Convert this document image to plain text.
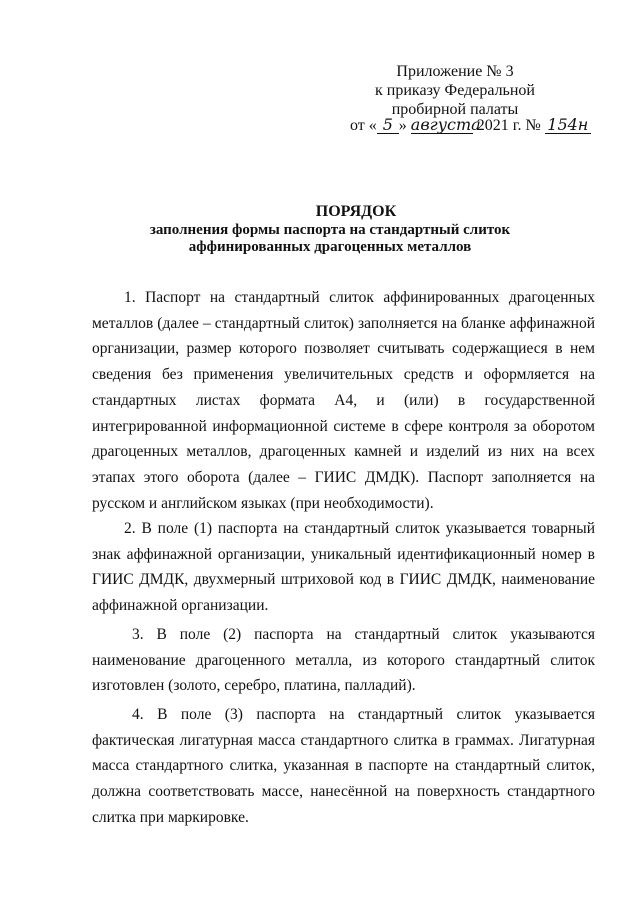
Приложение № 3
к приказу Федеральной
пробирной палаты
от « 5 » августа 2021 г. № 154н
ПОРЯДОК
заполнения формы паспорта на стандартный слиток
аффинированных драгоценных металлов
1. Паспорт на стандартный слиток аффинированных драгоценных металлов (далее – стандартный слиток) заполняется на бланке аффинажной организации, размер которого позволяет считывать содержащиеся в нем сведения без применения увеличительных средств и оформляется на стандартных листах формата А4, и (или) в государственной интегрированной информационной системе в сфере контроля за оборотом драгоценных металлов, драгоценных камней и изделий из них на всех этапах этого оборота (далее – ГИИС ДМДК). Паспорт заполняется на русском и английском языках (при необходимости).
2. В поле (1) паспорта на стандартный слиток указывается товарный знак аффинажной организации, уникальный идентификационный номер в ГИИС ДМДК, двухмерный штриховой код в ГИИС ДМДК, наименование аффинажной организации.
3. В поле (2) паспорта на стандартный слиток указываются наименование драгоценного металла, из которого стандартный слиток изготовлен (золото, серебро, платина, палладий).
4. В поле (3) паспорта на стандартный слиток указывается фактическая лигатурная масса стандартного слитка в граммах. Лигатурная масса стандартного слитка, указанная в паспорте на стандартный слиток, должна соответствовать массе, нанесённой на поверхность стандартного слитка при маркировке.
